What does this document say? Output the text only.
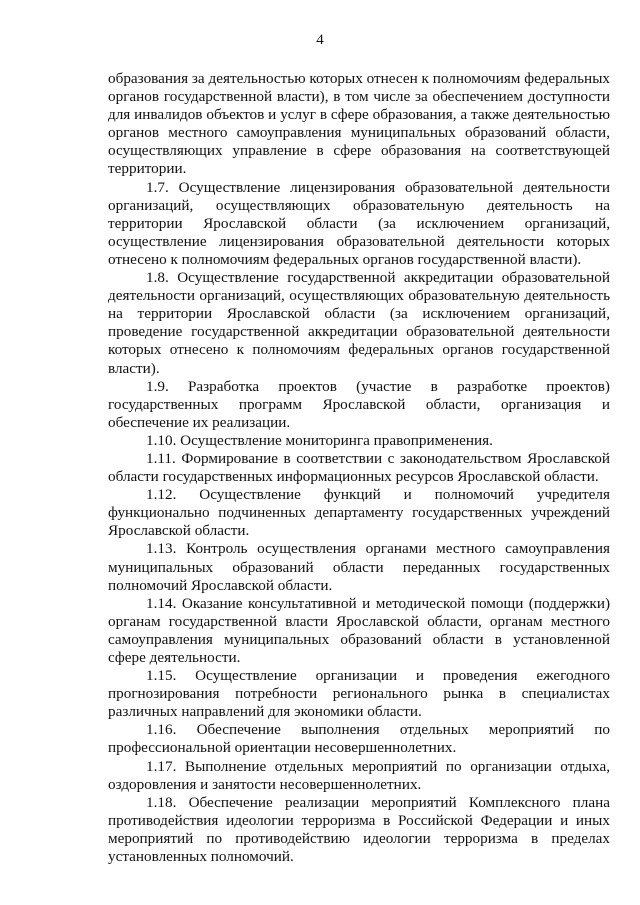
4

образования за деятельностью которых отнесен к полномочиям федеральных органов государственной власти), в том числе за обеспечением доступности для инвалидов объектов и услуг в сфере образования, а также деятельностью органов местного самоуправления муниципальных образований области, осуществляющих управление в сфере образования на соответствующей территории.

1.7. Осуществление лицензирования образовательной деятельности организаций, осуществляющих образовательную деятельность на территории Ярославской области (за исключением организаций, осуществление лицензирования образовательной деятельности которых отнесено к полномочиям федеральных органов государственной власти).

1.8. Осуществление государственной аккредитации образовательной деятельности организаций, осуществляющих образовательную деятельность на территории Ярославской области (за исключением организаций, проведение государственной аккредитации образовательной деятельности которых отнесено к полномочиям федеральных органов государственной власти).

1.9. Разработка проектов (участие в разработке проектов) государственных программ Ярославской области, организация и обеспечение их реализации.

1.10. Осуществление мониторинга правоприменения.

1.11. Формирование в соответствии с законодательством Ярославской области государственных информационных ресурсов Ярославской области.

1.12. Осуществление функций и полномочий учредителя функционально подчиненных департаменту государственных учреждений Ярославской области.

1.13. Контроль осуществления органами местного самоуправления муниципальных образований области переданных государственных полномочий Ярославской области.

1.14. Оказание консультативной и методической помощи (поддержки) органам государственной власти Ярославской области, органам местного самоуправления муниципальных образований области в установленной сфере деятельности.

1.15. Осуществление организации и проведения ежегодного прогнозирования потребности регионального рынка в специалистах различных направлений для экономики области.

1.16. Обеспечение выполнения отдельных мероприятий по профессиональной ориентации несовершеннолетних.

1.17. Выполнение отдельных мероприятий по организации отдыха, оздоровления и занятости несовершеннолетних.

1.18. Обеспечение реализации мероприятий Комплексного плана противодействия идеологии терроризма в Российской Федерации и иных мероприятий по противодействию идеологии терроризма в пределах установленных полномочий.
